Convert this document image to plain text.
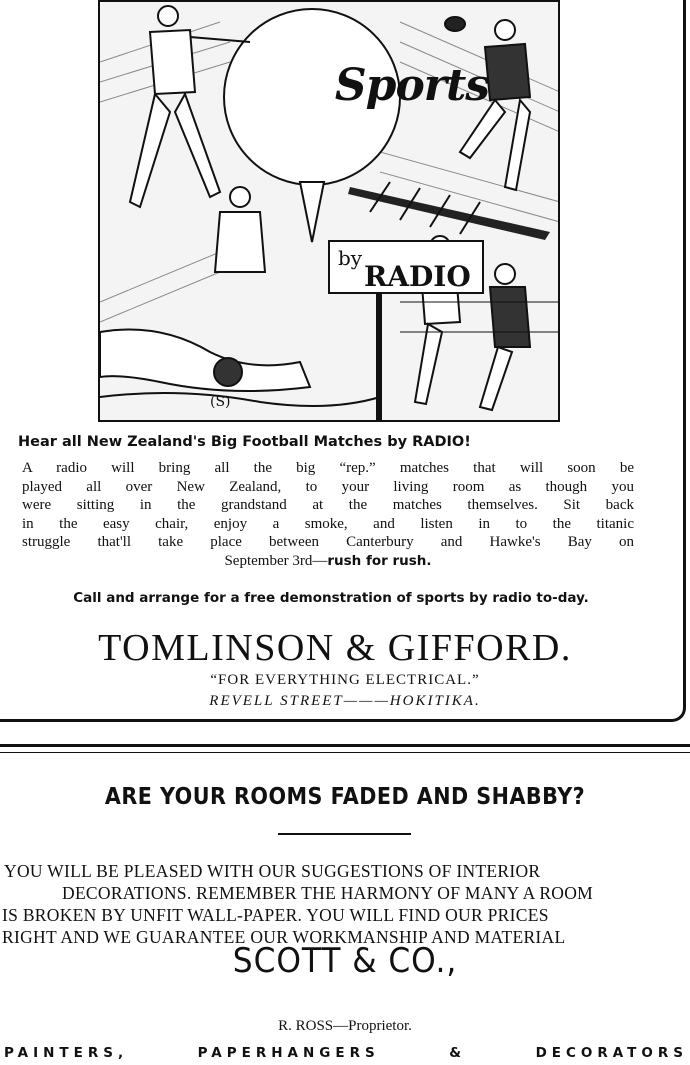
Sports
by
RADIO
(S)
Hear all New Zealand's Big Football Matches by RADIO!
A radio will bring all the big “rep.” matches that will soon be
played all over New Zealand, to your living room as though you
were sitting in the grandstand at the matches themselves. Sit back
in the easy chair, enjoy a smoke, and listen in to the titanic
struggle that'll take place between Canterbury and Hawke's Bay on
September 3rd—rush for rush.
Call and arrange for a free demonstration of sports by radio to-day.
TOMLINSON & GIFFORD.
“FOR EVERYTHING ELECTRICAL.”
REVELL STREET———HOKITIKA.
ARE YOUR ROOMS FADED AND SHABBY?
YOU WILL BE PLEASED WITH OUR SUGGESTIONS OF INTERIOR
DECORATIONS. REMEMBER THE HARMONY OF MANY A ROOM
IS BROKEN BY UNFIT WALL-PAPER. YOU WILL FIND OUR PRICES
RIGHT AND WE GUARANTEE OUR WORKMANSHIP AND MATERIAL
SCOTT & CO.,
R. ROSS—Proprietor.
PAINTERS,	PAPERHANGERS	&	DECORATORS
